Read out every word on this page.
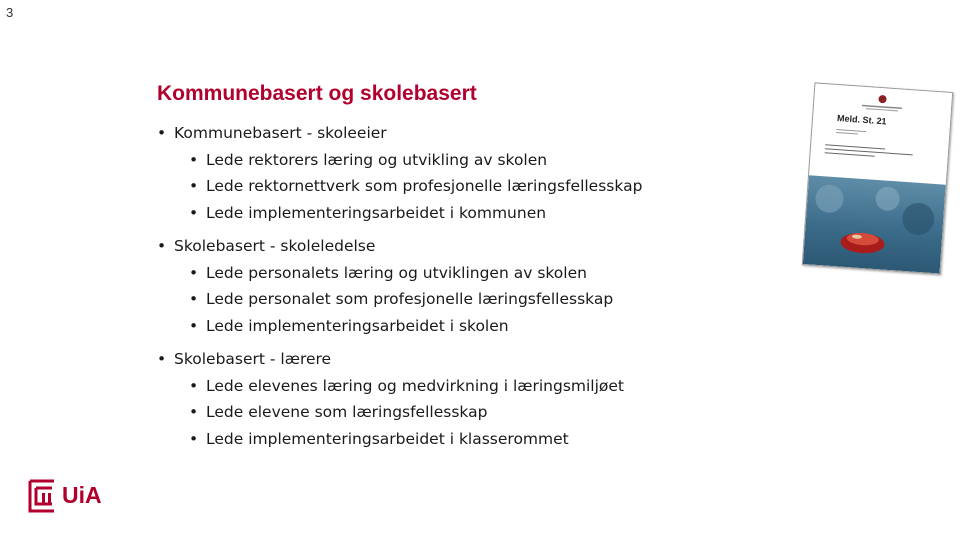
3
Kommunebasert og skolebasert
• Kommunebasert - skoleeier
• Lede rektorers læring og utvikling av skolen
• Lede rektornettverk som profesjonelle læringsfellesskap
• Lede implementeringsarbeidet i kommunen
• Skolebasert - skoleledelse
• Lede personalets læring og utviklingen av skolen
• Lede personalet som profesjonelle læringsfellesskap
• Lede implementeringsarbeidet i skolen
• Skolebasert - lærere
• Lede elevenes læring og medvirkning i læringsmiljøet
• Lede elevene som læringsfellesskap
• Lede implementeringsarbeidet i klasserommet
Meld. St. 21
UiA
